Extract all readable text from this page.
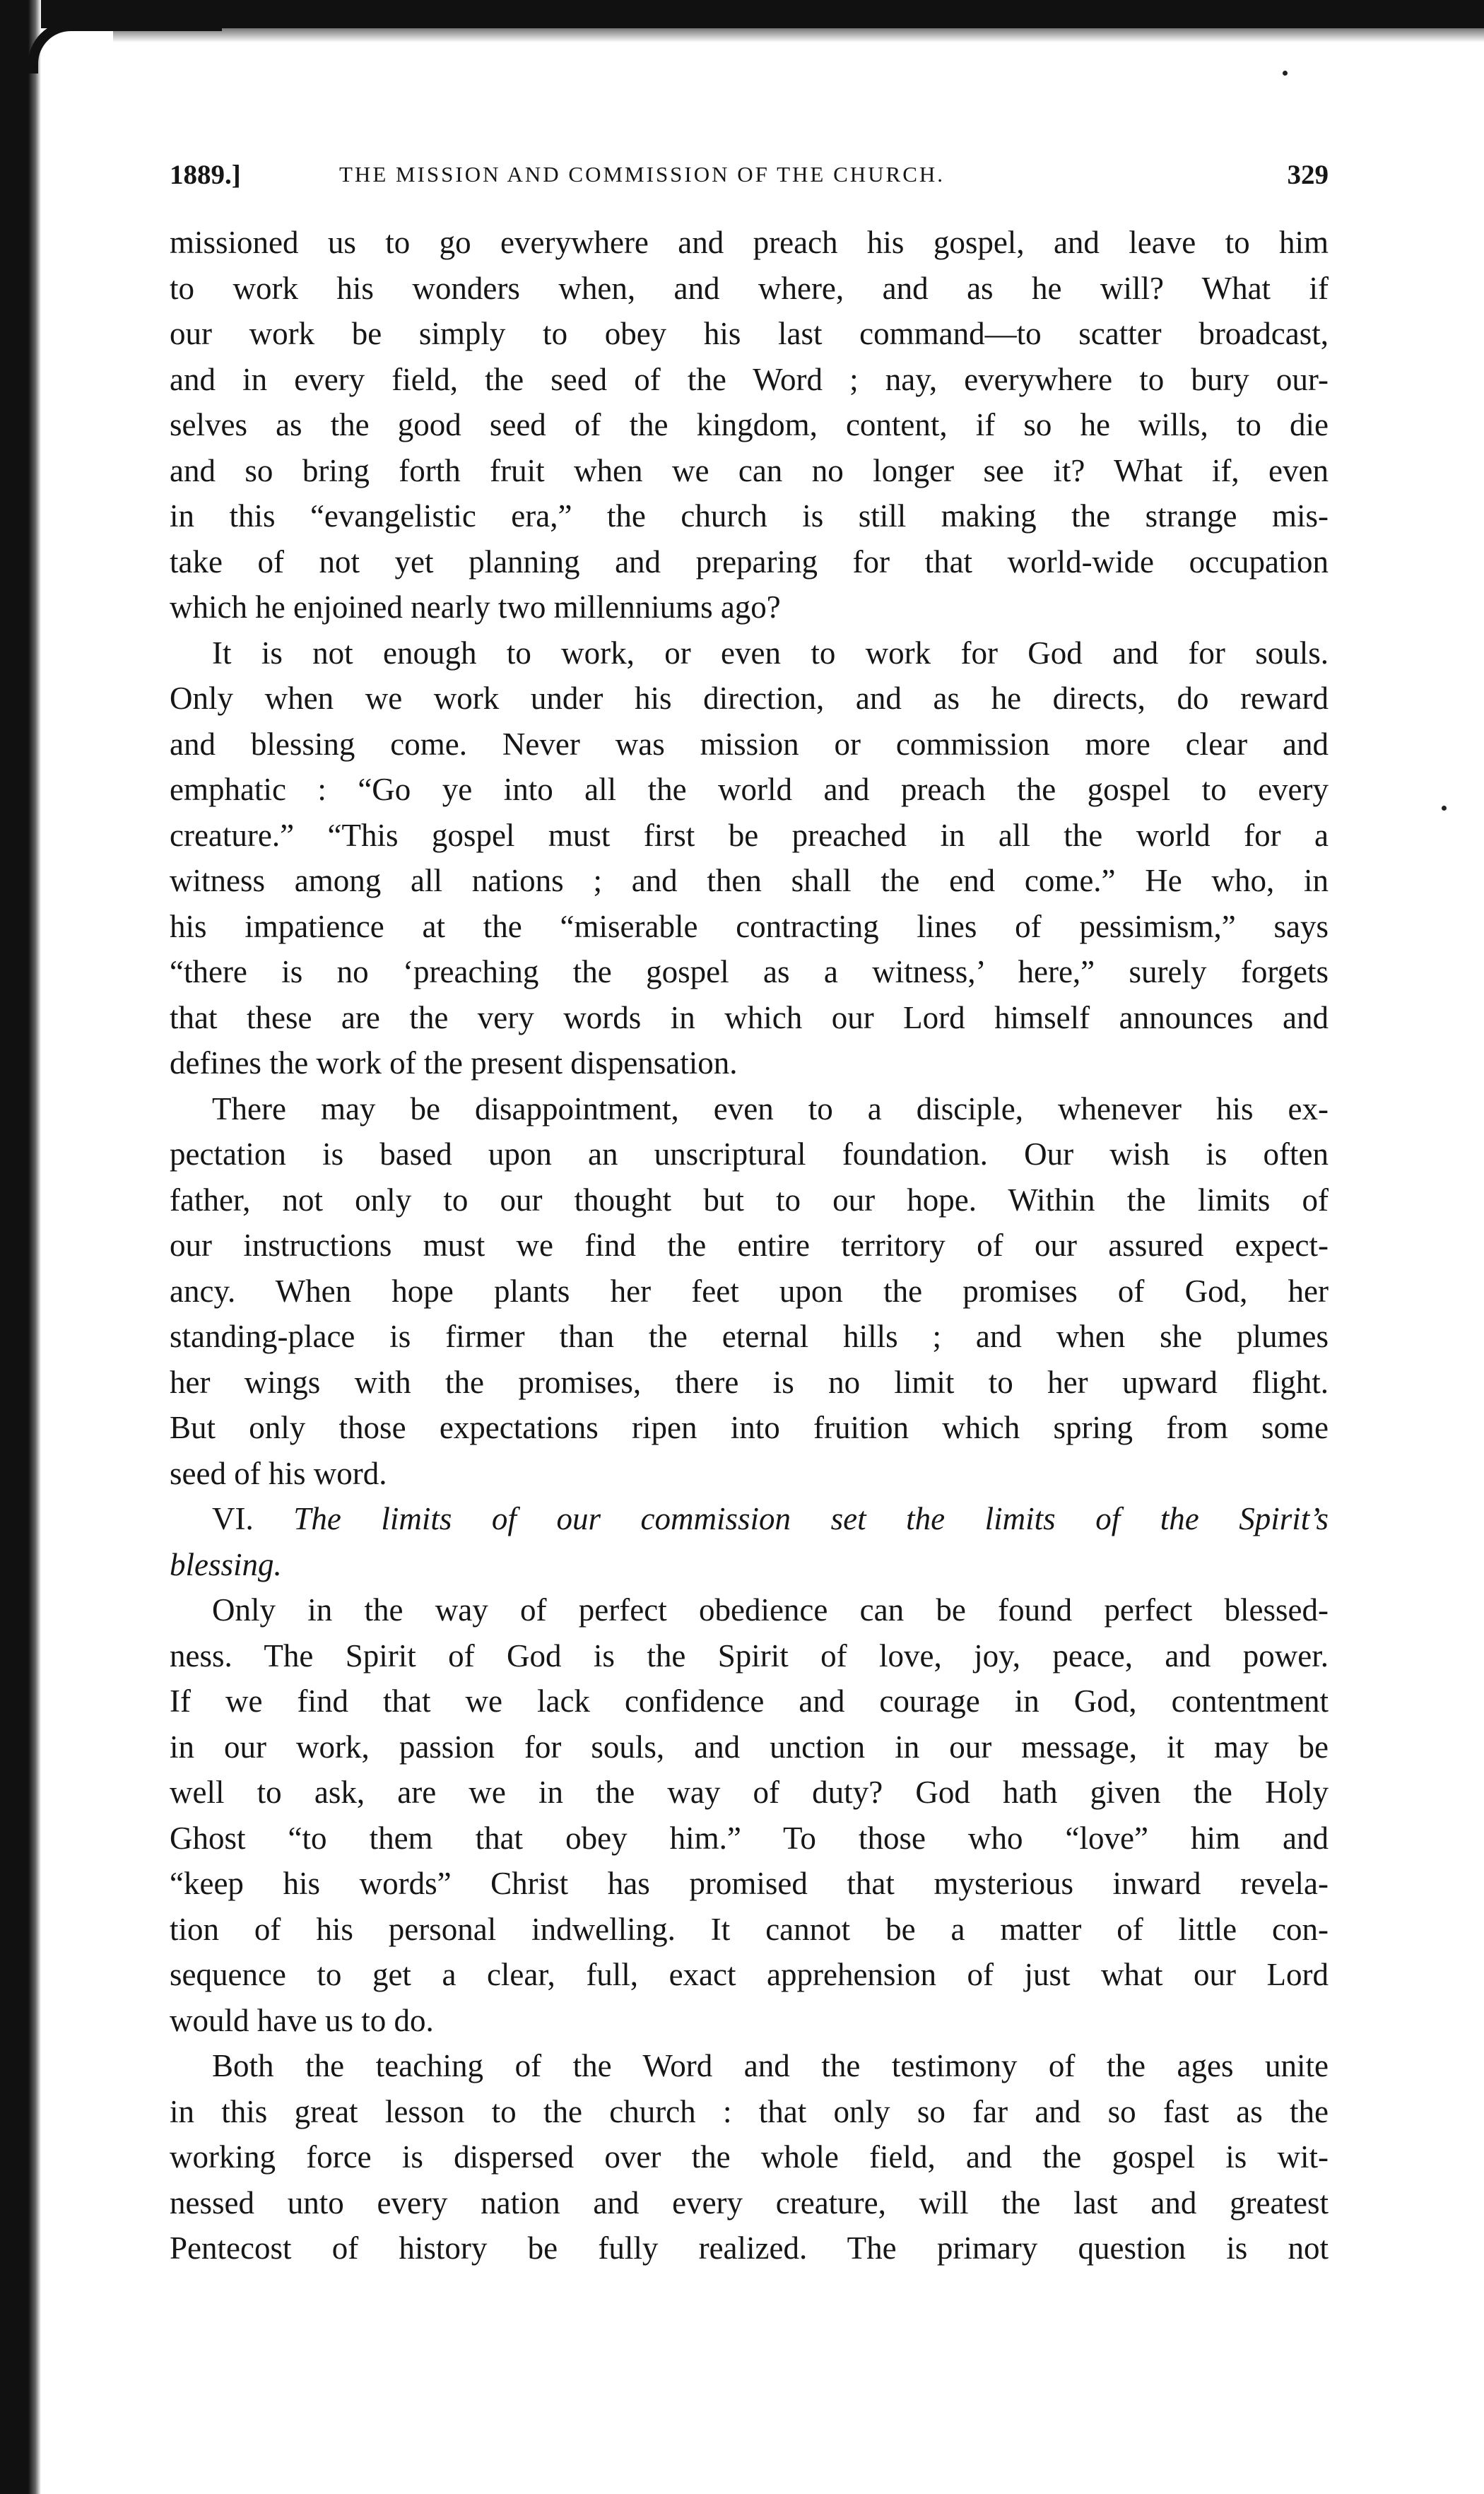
1889.]	THE MISSION AND COMMISSION OF THE CHURCH.	329
missioned us to go everywhere and preach his gospel, and leave to him
to work his wonders when, and where, and as he will? What if
our work be simply to obey his last command—to scatter broadcast,
and in every field, the seed of the Word ; nay, everywhere to bury our-
selves as the good seed of the kingdom, content, if so he wills, to die
and so bring forth fruit when we can no longer see it? What if, even
in this “evangelistic era,” the church is still making the strange mis-
take of not yet planning and preparing for that world-wide occupation
which he enjoined nearly two millenniums ago?
It is not enough to work, or even to work for God and for souls.
Only when we work under his direction, and as he directs, do reward
and blessing come. Never was mission or commission more clear and
emphatic : “Go ye into all the world and preach the gospel to every
creature.” “This gospel must first be preached in all the world for a
witness among all nations ; and then shall the end come.” He who, in
his impatience at the “miserable contracting lines of pessimism,” says
“there is no ‘preaching the gospel as a witness,’ here,” surely forgets
that these are the very words in which our Lord himself announces and
defines the work of the present dispensation.
There may be disappointment, even to a disciple, whenever his ex-
pectation is based upon an unscriptural foundation. Our wish is often
father, not only to our thought but to our hope. Within the limits of
our instructions must we find the entire territory of our assured expect-
ancy. When hope plants her feet upon the promises of God, her
standing-place is firmer than the eternal hills ; and when she plumes
her wings with the promises, there is no limit to her upward flight.
But only those expectations ripen into fruition which spring from some
seed of his word.
VI. The limits of our commission set the limits of the Spirit’s
blessing.
Only in the way of perfect obedience can be found perfect blessed-
ness. The Spirit of God is the Spirit of love, joy, peace, and power.
If we find that we lack confidence and courage in God, contentment
in our work, passion for souls, and unction in our message, it may be
well to ask, are we in the way of duty? God hath given the Holy
Ghost “to them that obey him.” To those who “love” him and
“keep his words” Christ has promised that mysterious inward revela-
tion of his personal indwelling. It cannot be a matter of little con-
sequence to get a clear, full, exact apprehension of just what our Lord
would have us to do.
Both the teaching of the Word and the testimony of the ages unite
in this great lesson to the church : that only so far and so fast as the
working force is dispersed over the whole field, and the gospel is wit-
nessed unto every nation and every creature, will the last and greatest
Pentecost of history be fully realized. The primary question is not
